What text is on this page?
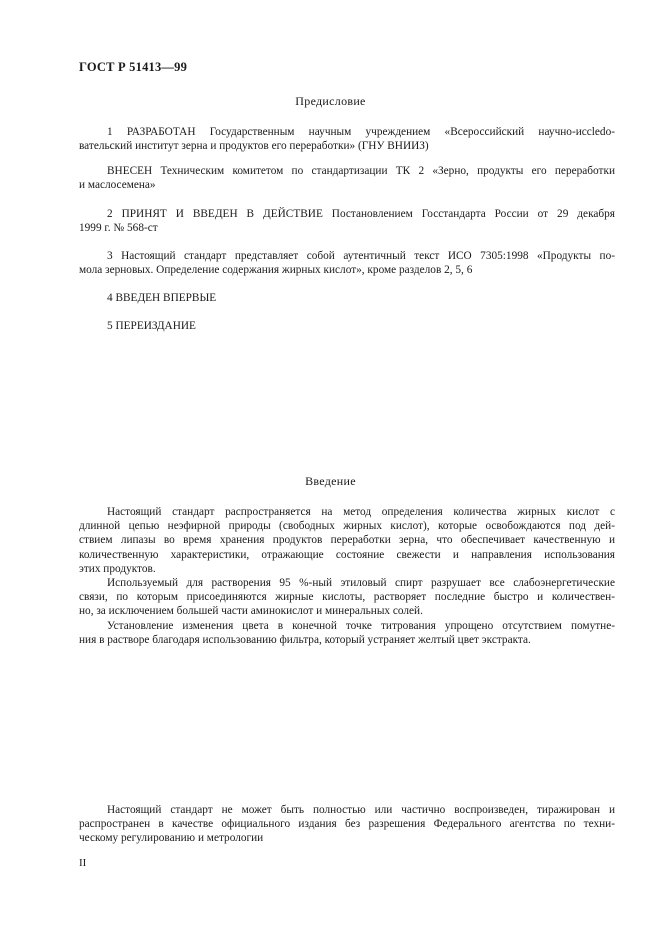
ГОСТ Р 51413—99
Предисловие
1 РАЗРАБОТАН Государственным научным учреждением «Всероссийский научно-иссledo-
вательский институт зерна и продуктов его переработки» (ГНУ ВНИИЗ)
ВНЕСЕН Техническим комитетом по стандартизации ТК 2 «Зерно, продукты его переработки
и маслосемена»
2 ПРИНЯТ И ВВЕДЕН В ДЕЙСТВИЕ Постановлением Госстандарта России от 29 декабря
1999 г. № 568-ст
3 Настоящий стандарт представляет собой аутентичный текст ИСО 7305:1998 «Продукты по-
мола зерновых. Определение содержания жирных кислот», кроме разделов 2, 5, 6
4 ВВЕДЕН ВПЕРВЫЕ
5 ПЕРЕИЗДАНИЕ
Введение
Настоящий стандарт распространяется на метод определения количества жирных кислот с
длинной цепью неэфирной природы (свободных жирных кислот), которые освобождаются под дей-
ствием липазы во время хранения продуктов переработки зерна, что обеспечивает качественную и
количественную характеристики, отражающие состояние свежести и направления использования
этих продуктов.
Используемый для растворения 95 %-ный этиловый спирт разрушает все слабоэнергетические
связи, по которым присоединяются жирные кислоты, растворяет последние быстро и количествен-
но, за исключением большей части аминокислот и минеральных солей.
Установление изменения цвета в конечной точке титрования упрощено отсутствием помутне-
ния в растворе благодаря использованию фильтра, который устраняет желтый цвет экстракта.
Настоящий стандарт не может быть полностью или частично воспроизведен, тиражирован и
распространен в качестве официального издания без разрешения Федерального агентства по техни-
ческому регулированию и метрологии
II
